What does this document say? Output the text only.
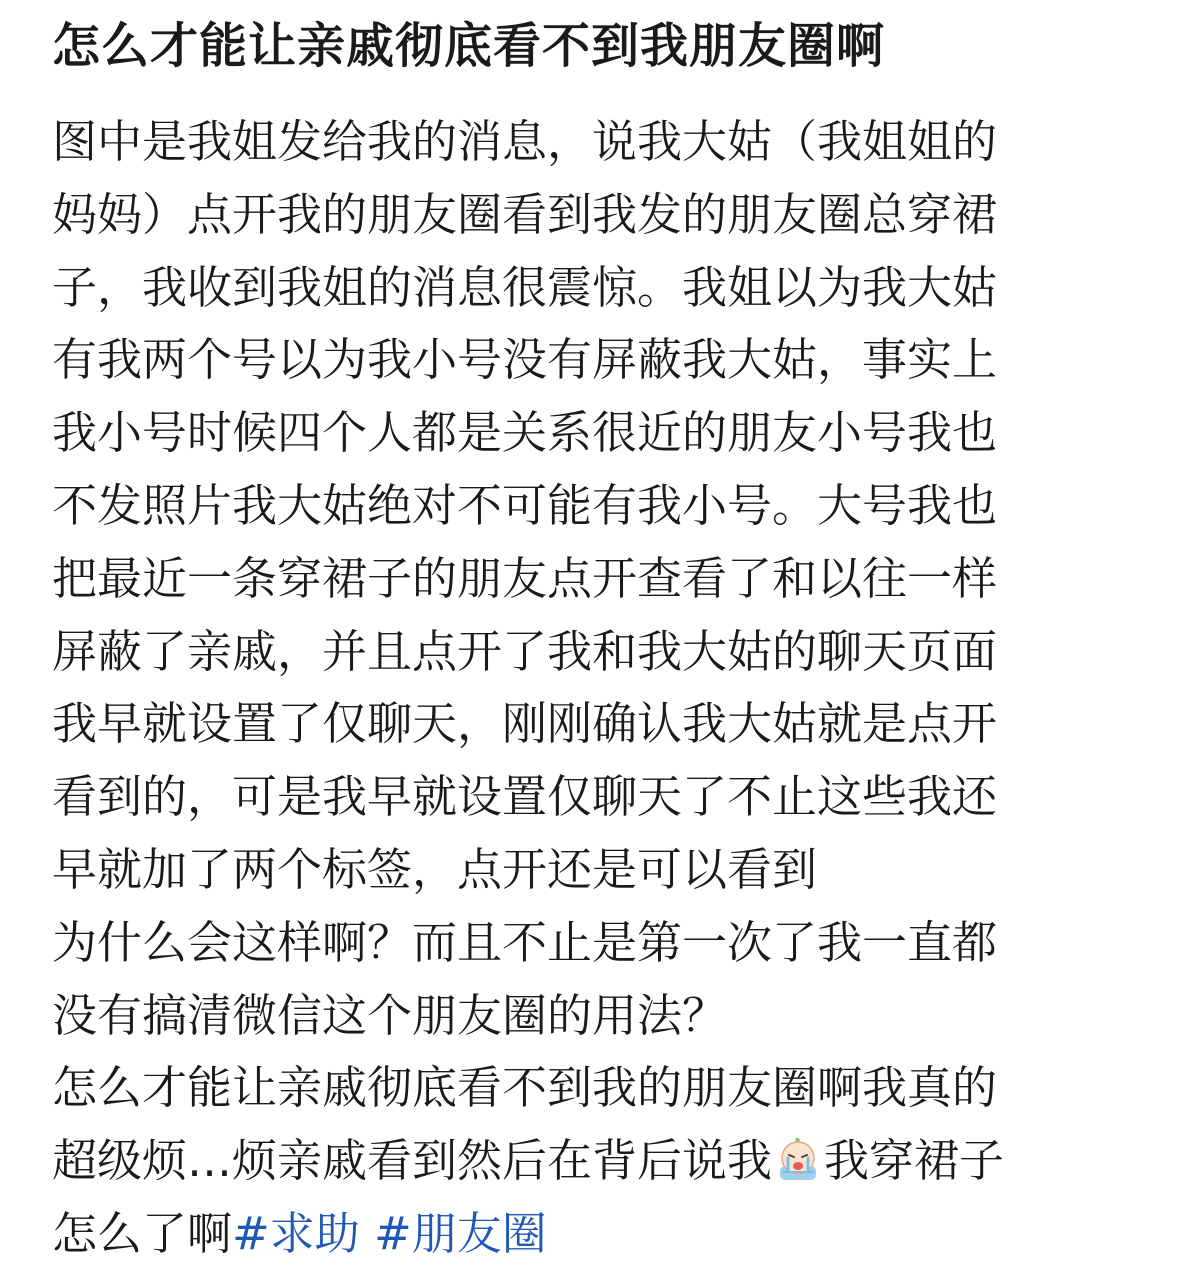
怎么才能让亲戚彻底看不到我朋友圈啊
图中是我姐发给我的消息，说我大姑（我姐姐的
妈妈）点开我的朋友圈看到我发的朋友圈总穿裙
子，我收到我姐的消息很震惊。我姐以为我大姑
有我两个号以为我小号没有屏蔽我大姑，事实上
我小号时候四个人都是关系很近的朋友小号我也
不发照片我大姑绝对不可能有我小号。大号我也
把最近一条穿裙子的朋友点开查看了和以往一样
屏蔽了亲戚，并且点开了我和我大姑的聊天页面
我早就设置了仅聊天，刚刚确认我大姑就是点开
看到的，可是我早就设置仅聊天了不止这些我还
早就加了两个标签，点开还是可以看到
为什么会这样啊？而且不止是第一次了我一直都
没有搞清微信这个朋友圈的用法？
怎么才能让亲戚彻底看不到我的朋友圈啊我真的
超级烦…烦亲戚看到然后在背后说我 我穿裙子
怎么了啊#求助 #朋友圈
